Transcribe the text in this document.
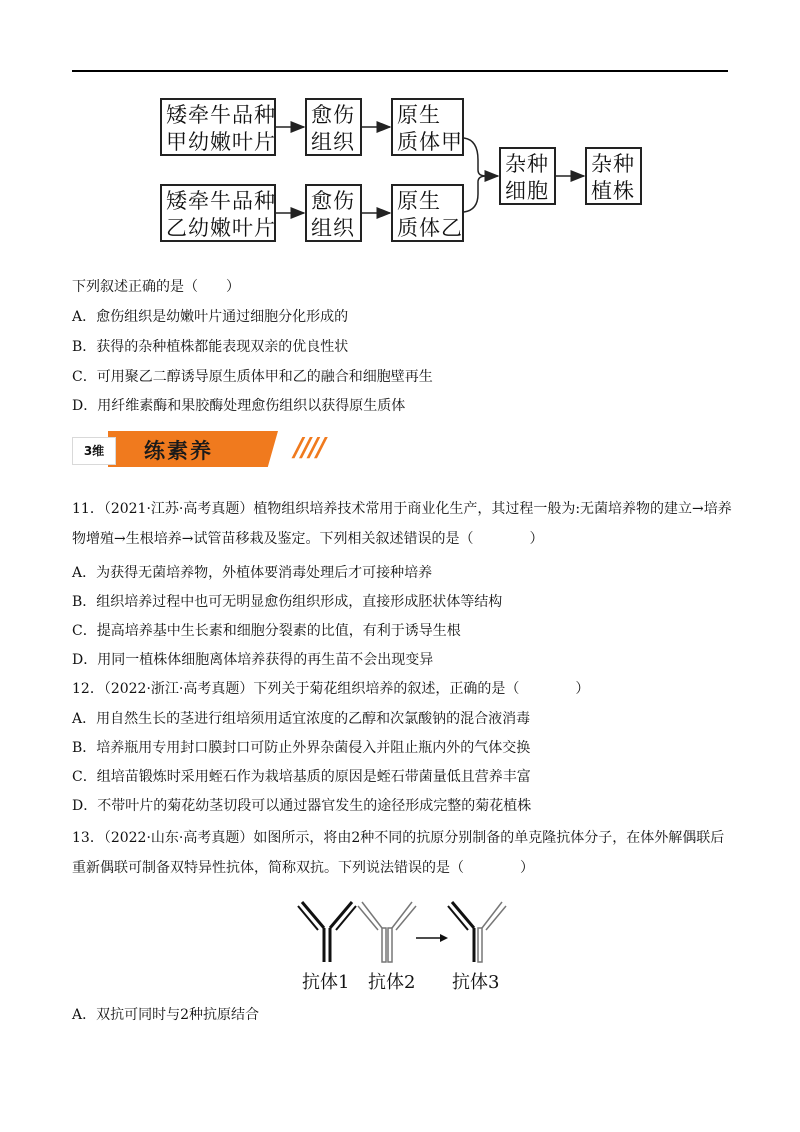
矮牵牛品种
甲幼嫩叶片
愈伤
组织
原生
质体甲
矮牵牛品种
乙幼嫩叶片
愈伤
组织
原生
质体乙
杂种
细胞
杂种
植株
下列叙述正确的是（　　）
A．愈伤组织是幼嫩叶片通过细胞分化形成的
B．获得的杂种植株都能表现双亲的优良性状
C．可用聚乙二醇诱导原生质体甲和乙的融合和细胞壁再生
D．用纤维素酶和果胶酶处理愈伤组织以获得原生质体
3维	练素养	////
11．（2021·江苏·高考真题）植物组织培养技术常用于商业化生产，其过程一般为:无菌培养物的建立→培养物增殖→生根培养→试管苗移栽及鉴定。下列相关叙述错误的是（　　　　）
A．为获得无菌培养物，外植体要消毒处理后才可接种培养
B．组织培养过程中也可无明显愈伤组织形成，直接形成胚状体等结构
C．提高培养基中生长素和细胞分裂素的比值，有利于诱导生根
D．用同一植株体细胞离体培养获得的再生苗不会出现变异
12．（2022·浙江·高考真题）下列关于菊花组织培养的叙述，正确的是（　　　　）
A．用自然生长的茎进行组培须用适宜浓度的乙醇和次氯酸钠的混合液消毒
B．培养瓶用专用封口膜封口可防止外界杂菌侵入并阻止瓶内外的气体交换
C．组培苗锻炼时采用蛭石作为栽培基质的原因是蛭石带菌量低且营养丰富
D．不带叶片的菊花幼茎切段可以通过器官发生的途径形成完整的菊花植株
13．（2022·山东·高考真题）如图所示，将由2种不同的抗原分别制备的单克隆抗体分子，在体外解偶联后重新偶联可制备双特异性抗体，简称双抗。下列说法错误的是（　　　　）
抗体1 抗体2 抗体3
A．双抗可同时与2种抗原结合
